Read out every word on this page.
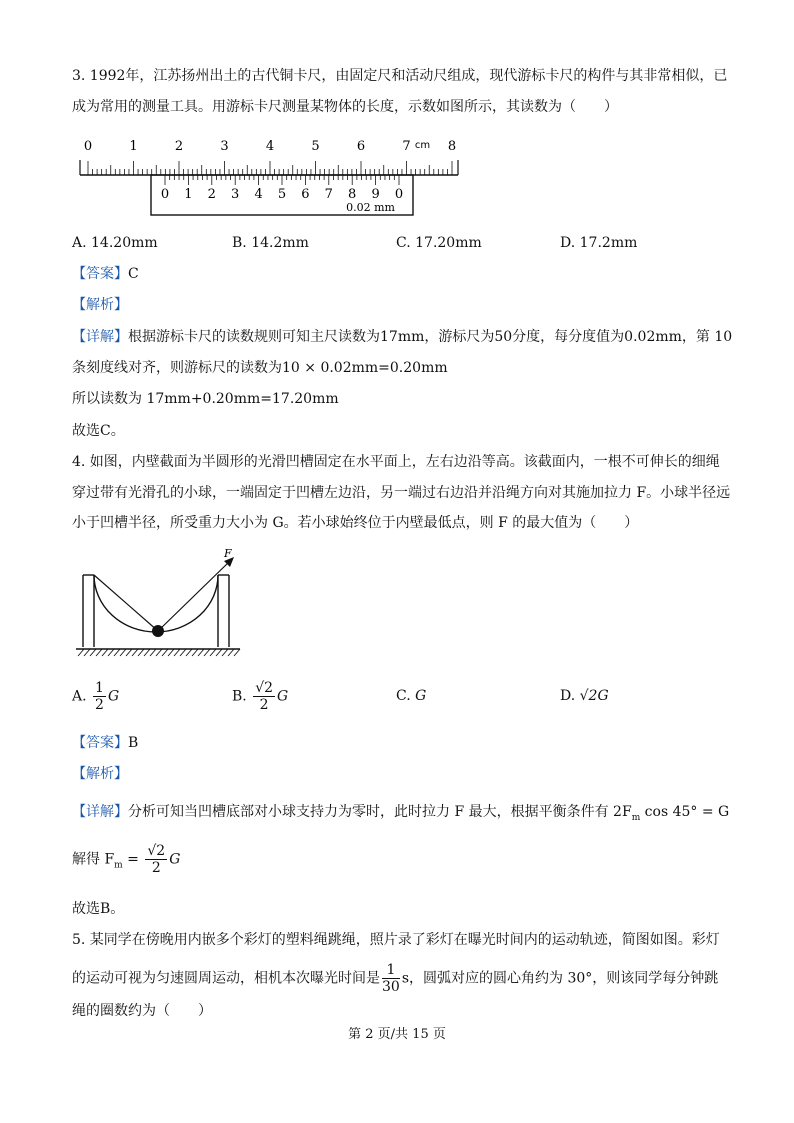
3. 1992年，江苏扬州出土的古代铜卡尺，由固定尺和活动尺组成，现代游标卡尺的构件与其非常相似，已
成为常用的测量工具。用游标卡尺测量某物体的长度，示数如图所示，其读数为（　　）
0	1	2	3	4	5	6	7	8
cm
0 1 2 3 4 5 6 7 8 9 0
0.02 mm
A. 14.20mm	B. 14.2mm	C. 17.20mm	D. 17.2mm
【答案】C
【解析】
【详解】根据游标卡尺的读数规则可知主尺读数为17mm，游标尺为50分度，每分度值为0.02mm，第 10
条刻度线对齐，则游标尺的读数为10 × 0.02mm=0.20mm
所以读数为 17mm+0.20mm=17.20mm
故选C。
4. 如图，内壁截面为半圆形的光滑凹槽固定在水平面上，左右边沿等高。该截面内，一根不可伸长的细绳
穿过带有光滑孔的小球，一端固定于凹槽左边沿，另一端过右边沿并沿绳方向对其施加拉力 F。小球半径远
小于凹槽半径，所受重力大小为 G。若小球始终位于内壁最低点，则 F 的最大值为（　　）
F
A. $\frac{1}{2}$ G	B. $\frac{√2}{2}$ G	C. G	D. √2G
【答案】B
【解析】
【详解】分析可知当凹槽底部对小球支持力为零时，此时拉力 F 最大，根据平衡条件有 $2F_m$ cos 45° = G
解得 $F_m = \frac{√2}{2}$ G
故选B。
5. 某同学在傍晚用内嵌多个彩灯的塑料绳跳绳，照片录了彩灯在曝光时间内的运动轨迹，简图如图。彩灯
的运动可视为匀速圆周运动，相机本次曝光时间是 $\frac{1}{30}$ s，圆弧对应的圆心角约为 30°，则该同学每分钟跳
绳的圈数约为（　　）
第 2 页/共 15 页
